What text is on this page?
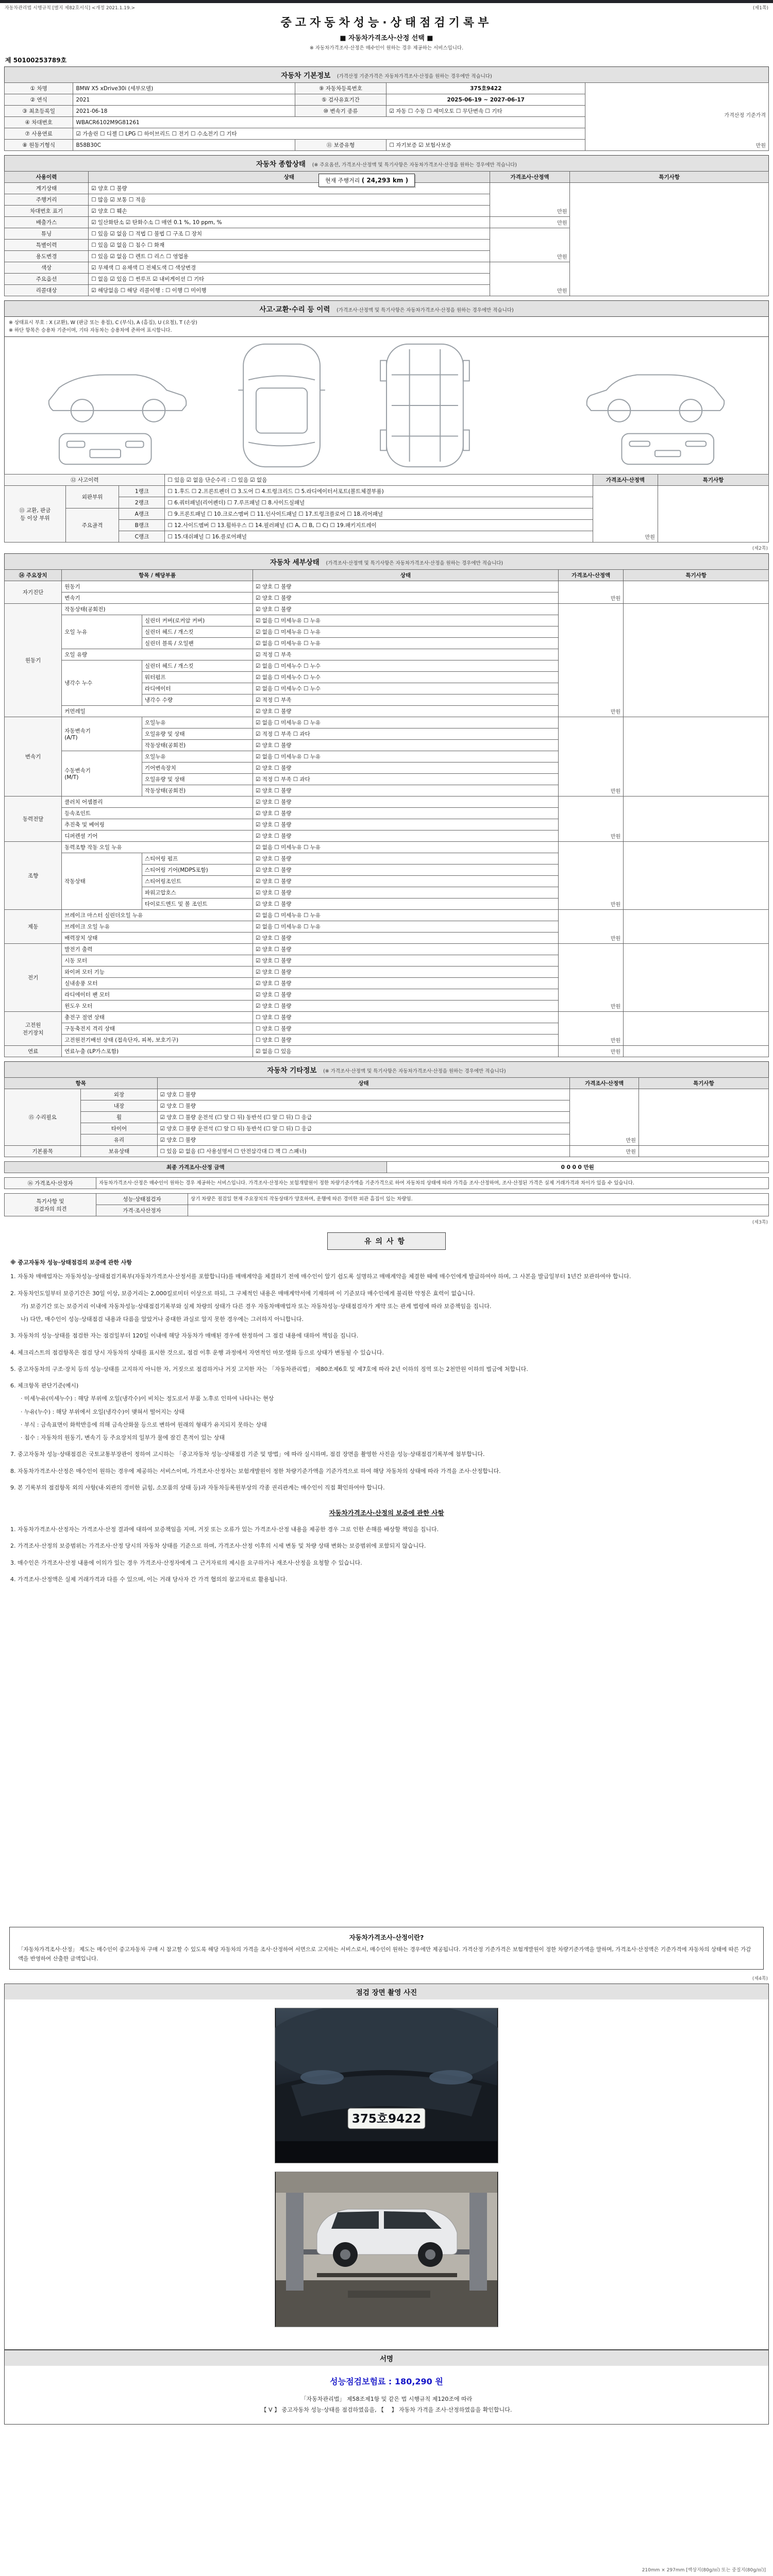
자동차관리법 시행규칙 [별지 제82호서식] <개정 2021.1.19.>	(제1쪽)
중고자동차성능·상태점검기록부
■ 자동차가격조사·산정 선택 ■
※ 자동차가격조사·산정은 매수인이 원하는 경우 제공하는 서비스입니다.
제 50100253789호
자동차 기본정보 (가격산정 기준가격은 자동차가격조사·산정을 원하는 경우에만 적습니다)
① 차명	BMW X5 xDrive30i (세부모델)	⑨ 자동차등록번호	375호9422	가격산정 기준가격

만원
② 연식	2021	⑤ 검사유효기간	2025-06-19 ~ 2027-06-17	
③ 최초등록일	2021-06-18	⑩ 변속기 종류	☑ 자동 ☐ 수동 ☐ 세미오토 ☐ 무단변속 ☐ 기타	
④ 차대번호	WBACR6102M9G81261			
⑦ 사용연료	☑ 가솔린 ☐ 디젤 ☐ LPG ☐ 하이브리드 ☐ 전기 ☐ 수소전기 ☐ 기타			
⑧ 원동기형식	B58B30C	⑪ 보증유형	☐ 자기보증 ☑ 보험사보증	
자동차 종합상태 (※ 주요옵션, 가격조사·산정액 및 특기사항은 자동차가격조사·산정을 원하는 경우에만 적습니다)
사용이력	상태	가격조사·산정액	특기사항
계기상태	☑ 양호 ☐ 불량	만원	
주행거리	☐ 많음 ☑ 보통 ☐ 적음		
차대번호 표기	☑ 양호 ☐ 훼손		
배출가스	☑ 일산화탄소 ☑ 탄화수소 ☐ 매연 0.1 %, 10 ppm, %	만원	
튜닝	☐ 있음 ☑ 없음 ☐ 적법 ☐ 불법 ☐ 구조 ☐ 장치	만원	
특별이력	☐ 있음 ☑ 없음 ☐ 침수 ☐ 화재		
용도변경	☐ 있음 ☑ 없음 ☐ 렌트 ☐ 리스 ☐ 영업용		
색상	☑ 무채색 ☐ 유채색 ☐ 전체도색 ☐ 색상변경	만원	
주요옵션	☐ 없음 ☑ 있음 ☐ 썬루프 ☑ 내비게이션 ☐ 기타		
리콜대상	☑ 해당없음 ☐ 해당 리콜이행 : ☐ 이행 ☐ 미이행		
현재 주행거리 ( 24,293 km )
사고·교환·수리 등 이력 (가격조사·산정액 및 특기사항은 자동차가격조사·산정을 원하는 경우에만 적습니다)
※ 상태표시 부호 : X (교환), W (판금 또는 용접), C (부식), A (흠집), U (요철), T (손상)
※ 하단 항목은 승용차 기준이며, 기타 자동차는 승용차에 준하여 표시합니다.
⑫ 사고이력			☐ 있음 ☑ 없음 단순수리 : ☐ 있음 ☑ 없음	가격조사·산정액	특기사항
⑬ 교환, 판금
등 이상 부위	외판부위	1랭크	☐ 1.후드 ☐ 2.프론트펜더 ☐ 3.도어 ☐ 4.트렁크리드 ☐ 5.라디에이터서포트(볼트체결부품)	만원	
		2랭크	☐ 6.쿼터패널(리어펜더) ☐ 7.루프패널 ☐ 8.사이드실패널		
	주요골격	A랭크	☐ 9.프론트패널 ☐ 10.크로스멤버 ☐ 11.인사이드패널 ☐ 17.트렁크플로어 ☐ 18.리어패널		
		B랭크	☐ 12.사이드멤버 ☐ 13.휠하우스 ☐ 14.필러패널 (☐ A, ☐ B, ☐ C) ☐ 19.패키지트레이		
		C랭크	☐ 15.대쉬패널 ☐ 16.플로어패널		
(제2쪽)
자동차 세부상태 (가격조사·산정액 및 특기사항은 자동차가격조사·산정을 원하는 경우에만 적습니다)
⑭ 주요장치	항목 / 해당부품		상태	가격조사·산정액	특기사항
자기진단	원동기		☑ 양호 ☐ 불량	만원	
	변속기		☑ 양호 ☐ 불량		
원동기	작동상태(공회전)		☑ 양호 ☐ 불량	만원	
	오일 누유	실린더 커버(로커암 커버)	☑ 없음 ☐ 미세누유 ☐ 누유		
		실린더 헤드 / 개스킷	☑ 없음 ☐ 미세누유 ☐ 누유		
		실린더 블록 / 오일팬	☑ 없음 ☐ 미세누유 ☐ 누유		
	오일 유량		☑ 적정 ☐ 부족		
	냉각수 누수	실린더 헤드 / 개스킷	☑ 없음 ☐ 미세누수 ☐ 누수		
		워터펌프	☑ 없음 ☐ 미세누수 ☐ 누수		
		라디에이터	☑ 없음 ☐ 미세누수 ☐ 누수		
		냉각수 수량	☑ 적정 ☐ 부족		
	커먼레일		☑ 양호 ☐ 불량		
변속기	자동변속기
(A/T)	오일누유	☑ 없음 ☐ 미세누유 ☐ 누유	만원	
		오일유량 및 상태	☑ 적정 ☐ 부족 ☐ 과다		
		작동상태(공회전)	☑ 양호 ☐ 불량		
	수동변속기
(M/T)	오일누유	☑ 없음 ☐ 미세누유 ☐ 누유		
		기어변속장치	☑ 양호 ☐ 불량		
		오일유량 및 상태	☑ 적정 ☐ 부족 ☐ 과다		
		작동상태(공회전)	☑ 양호 ☐ 불량		
동력전달	클러치 어셈블리		☑ 양호 ☐ 불량	만원	
	등속조인트		☑ 양호 ☐ 불량		
	추진축 및 베어링		☑ 양호 ☐ 불량		
	디퍼렌셜 기어		☑ 양호 ☐ 불량		
조향	동력조향 작동 오일 누유		☑ 없음 ☐ 미세누유 ☐ 누유	만원	
	작동상태	스티어링 펌프	☑ 양호 ☐ 불량		
		스티어링 기어(MDPS포함)	☑ 양호 ☐ 불량		
		스티어링조인트	☑ 양호 ☐ 불량		
		파워고압호스	☑ 양호 ☐ 불량		
		타이로드엔드 및 볼 조인트	☑ 양호 ☐ 불량		
제동	브레이크 마스터 실린더오일 누유		☑ 없음 ☐ 미세누유 ☐ 누유	만원	
	브레이크 오일 누유		☑ 없음 ☐ 미세누유 ☐ 누유		
	배력장치 상태		☑ 양호 ☐ 불량		
전기	발전기 출력		☑ 양호 ☐ 불량	만원	
	시동 모터		☑ 양호 ☐ 불량		
	와이퍼 모터 기능		☑ 양호 ☐ 불량		
	실내송풍 모터		☑ 양호 ☐ 불량		
	라디에이터 팬 모터		☑ 양호 ☐ 불량		
	윈도우 모터		☑ 양호 ☐ 불량		
고전원
전기장치	충전구 절연 상태		☐ 양호 ☐ 불량	만원	
	구동축전지 격리 상태		☐ 양호 ☐ 불량		
	고전원전기배선 상태 (접속단자, 피복, 보호기구)		☐ 양호 ☐ 불량		
연료	연료누출 (LP가스포함)		☑ 없음 ☐ 있음	만원	
자동차 기타정보 (※ 가격조사·산정액 및 특기사항은 자동차가격조사·산정을 원하는 경우에만 적습니다)
항목		상태	가격조사·산정액	특기사항
⑮ 수리필요	외장	☑ 양호 ☐ 불량	만원	
	내장	☑ 양호 ☐ 불량		
	휠	☑ 양호 ☐ 불량 운전석 (☐ 앞 ☐ 뒤) 동반석 (☐ 앞 ☐ 뒤) ☐ 응급		
	타이어	☑ 양호 ☐ 불량 운전석 (☐ 앞 ☐ 뒤) 동반석 (☐ 앞 ☐ 뒤) ☐ 응급		
	유리	☑ 양호 ☐ 불량		
기본품목	보유상태	☐ 있음 ☑ 없음 (☐ 사용설명서 ☐ 안전삼각대 ☐ 잭 ☐ 스패너)	만원	
최종 가격조사·산정 금액	0 0 0 0 만원
⑯ 가격조사·산정자	자동차가격조사·산정은 매수인이 원하는 경우 제공하는 서비스입니다. 가격조사·산정자는 보험개발원이 정한 차량기준가액을 기준가격으로 하여 자동차의 상태에 따라 가격을 조사·산정하며, 조사·산정된 가격은 실제 거래가격과 차이가 있을 수 있습니다.
특기사항 및
점검자의 의견	성능·상태점검자	상기 차량은 점검일 현재 주요장치의 작동상태가 양호하며, 운행에 따른 경미한 외관 흠집이 있는 차량임.
	가격·조사산정자	
(제3쪽)
유의사항
※ 중고자동차 성능·상태점검의 보증에 관한 사항
1. 자동차 매매업자는 자동차성능·상태점검기록부(자동차가격조사·산정서를 포함합니다)를 매매계약을 체결하기 전에 매수인이 알기 쉽도록 설명하고 매매계약을 체결한 때에 매수인에게 발급하여야 하며, 그 사본을 발급일부터 1년간 보관하여야 합니다.
2. 자동차인도일부터 보증기간은 30일 이상, 보증거리는 2,000킬로미터 이상으로 하되, 그 구체적인 내용은 매매계약서에 기재하며 이 기준보다 매수인에게 불리한 약정은 효력이 없습니다.
가) 보증기간 또는 보증거리 이내에 자동차성능·상태점검기록부와 실제 차량의 상태가 다른 경우 자동차매매업자 또는 자동차성능·상태점검자가 계약 또는 관계 법령에 따라 보증책임을 집니다.
나) 다만, 매수인이 성능·상태점검 내용과 다름을 알았거나 중대한 과실로 알지 못한 경우에는 그러하지 아니합니다.
3. 자동차의 성능·상태를 점검한 자는 점검일부터 120일 이내에 해당 자동차가 매매된 경우에 한정하여 그 점검 내용에 대하여 책임을 집니다.
4. 체크리스트의 점검항목은 점검 당시 자동차의 상태를 표시한 것으로, 점검 이후 운행 과정에서 자연적인 마모·열화 등으로 상태가 변동될 수 있습니다.
5. 중고자동차의 구조·장치 등의 성능·상태를 고지하지 아니한 자, 거짓으로 점검하거나 거짓 고지한 자는 「자동차관리법」 제80조제6호 및 제7호에 따라 2년 이하의 징역 또는 2천만원 이하의 벌금에 처합니다.
6. 체크항목 판단기준(예시)
· 미세누유(미세누수) : 해당 부위에 오일(냉각수)이 비치는 정도로서 부품 노후로 인하여 나타나는 현상
· 누유(누수) : 해당 부위에서 오일(냉각수)이 맺혀서 떨어지는 상태
· 부식 : 금속표면이 화학반응에 의해 금속산화물 등으로 변하여 원래의 형태가 유지되지 못하는 상태
· 침수 : 자동차의 원동기, 변속기 등 주요장치의 일부가 물에 잠긴 흔적이 있는 상태
7. 중고자동차 성능·상태점검은 국토교통부장관이 정하여 고시하는 「중고자동차 성능·상태점검 기준 및 방법」에 따라 실시하며, 점검 장면을 촬영한 사진을 성능·상태점검기록부에 첨부합니다.
8. 자동차가격조사·산정은 매수인이 원하는 경우에 제공하는 서비스이며, 가격조사·산정자는 보험개발원이 정한 차량기준가액을 기준가격으로 하여 해당 자동차의 상태에 따라 가격을 조사·산정합니다.
9. 본 기록부의 점검항목 외의 사항(내·외관의 경미한 긁힘, 소모품의 상태 등)과 자동차등록원부상의 각종 권리관계는 매수인이 직접 확인하여야 합니다.
자동차가격조사·산정의 보증에 관한 사항
1. 자동차가격조사·산정자는 가격조사·산정 결과에 대하여 보증책임을 지며, 거짓 또는 오류가 있는 가격조사·산정 내용을 제공한 경우 그로 인한 손해를 배상할 책임을 집니다.
2. 가격조사·산정의 보증범위는 가격조사·산정 당시의 자동차 상태를 기준으로 하며, 가격조사·산정 이후의 시세 변동 및 차량 상태 변화는 보증범위에 포함되지 않습니다.
3. 매수인은 가격조사·산정 내용에 이의가 있는 경우 가격조사·산정자에게 그 근거자료의 제시를 요구하거나 재조사·산정을 요청할 수 있습니다.
4. 가격조사·산정액은 실제 거래가격과 다를 수 있으며, 이는 거래 당사자 간 가격 협의의 참고자료로 활용됩니다.
자동차가격조사·산정이란?
「자동차가격조사·산정」 제도는 매수인이 중고자동차 구매 시 참고할 수 있도록 해당 자동차의 가격을 조사·산정하여 서면으로 고지하는 서비스로서, 매수인이 원하는 경우에만 제공됩니다. 가격산정 기준가격은 보험개발원이 정한 차량기준가액을 말하며, 가격조사·산정액은 기준가격에 자동차의 상태에 따른 가감액을 반영하여 산출한 금액입니다.
(제4쪽)
점검 장면 촬영 사진
375호9422
서명
성능점검보험료 : 180,290 원
「자동차관리법」 제58조제1항 및 같은 법 시행규칙 제120조에 따라
【 V 】 중고자동차 성능·상태를 점검하였음을, 【　 】 자동차 가격을 조사·산정하였음을 확인합니다.
210mm × 297mm [백상지(80g/㎡) 또는 중질지(80g/㎡)]
